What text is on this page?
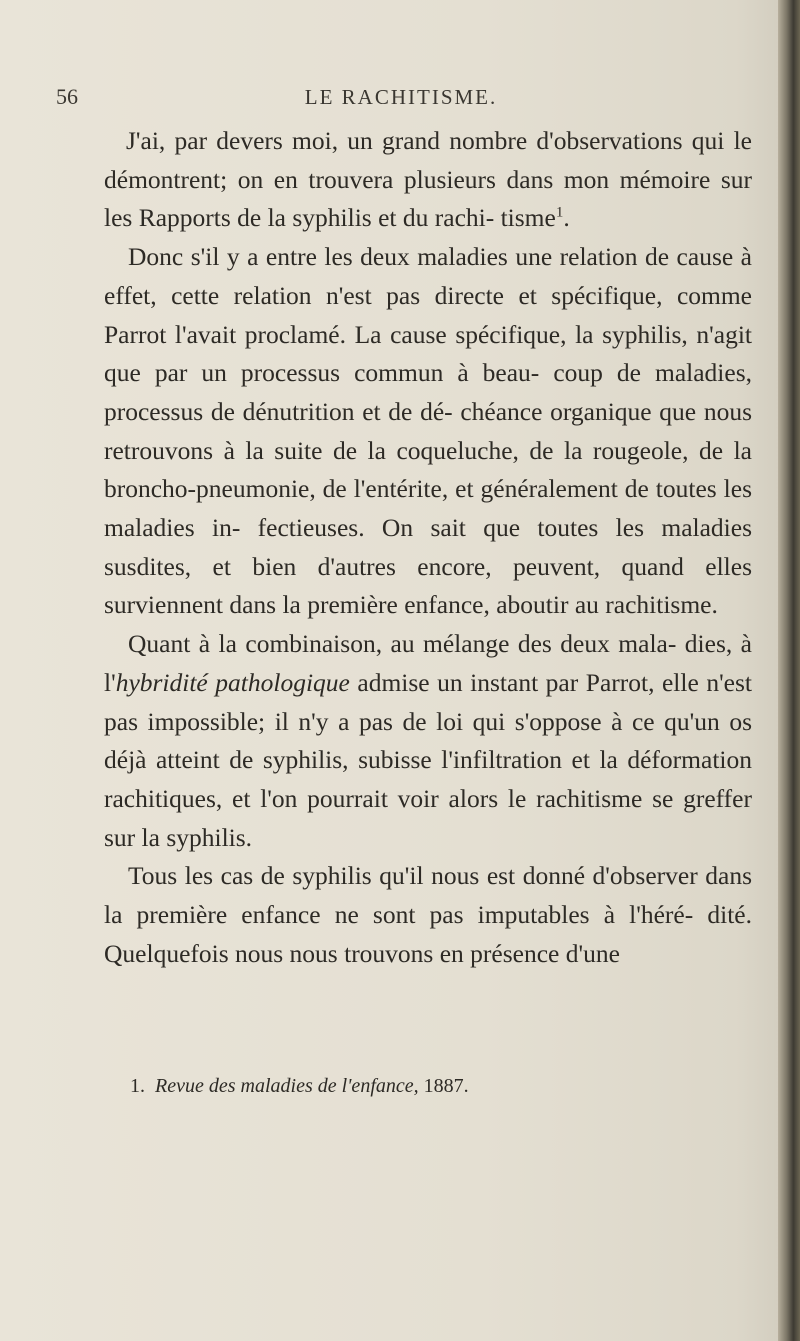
56	LE RACHITISME.

J'ai, par devers moi, un grand nombre d'observations qui le démontrent; on en trouvera plusieurs dans mon mémoire sur les Rapports de la syphilis et du rachi- tisme$^1$.

Donc s'il y a entre les deux maladies une relation de cause à effet, cette relation n'est pas directe et spécifique, comme Parrot l'avait proclamé. La cause spécifique, la syphilis, n'agit que par un processus commun à beau- coup de maladies, processus de dénutrition et de dé- chéance organique que nous retrouvons à la suite de la coqueluche, de la rougeole, de la broncho-pneumonie, de l'entérite, et généralement de toutes les maladies in- fectieuses. On sait que toutes les maladies susdites, et bien d'autres encore, peuvent, quand elles surviennent dans la première enfance, aboutir au rachitisme.

Quant à la combinaison, au mélange des deux mala- dies, à l'hybridité pathologique admise un instant par Parrot, elle n'est pas impossible; il n'y a pas de loi qui s'oppose à ce qu'un os déjà atteint de syphilis, subisse l'infiltration et la déformation rachitiques, et l'on pourrait voir alors le rachitisme se greffer sur la syphilis.

Tous les cas de syphilis qu'il nous est donné d'observer dans la première enfance ne sont pas imputables à l'héré- dité. Quelquefois nous nous trouvons en présence d'une

1. Revue des maladies de l'enfance, 1887.
